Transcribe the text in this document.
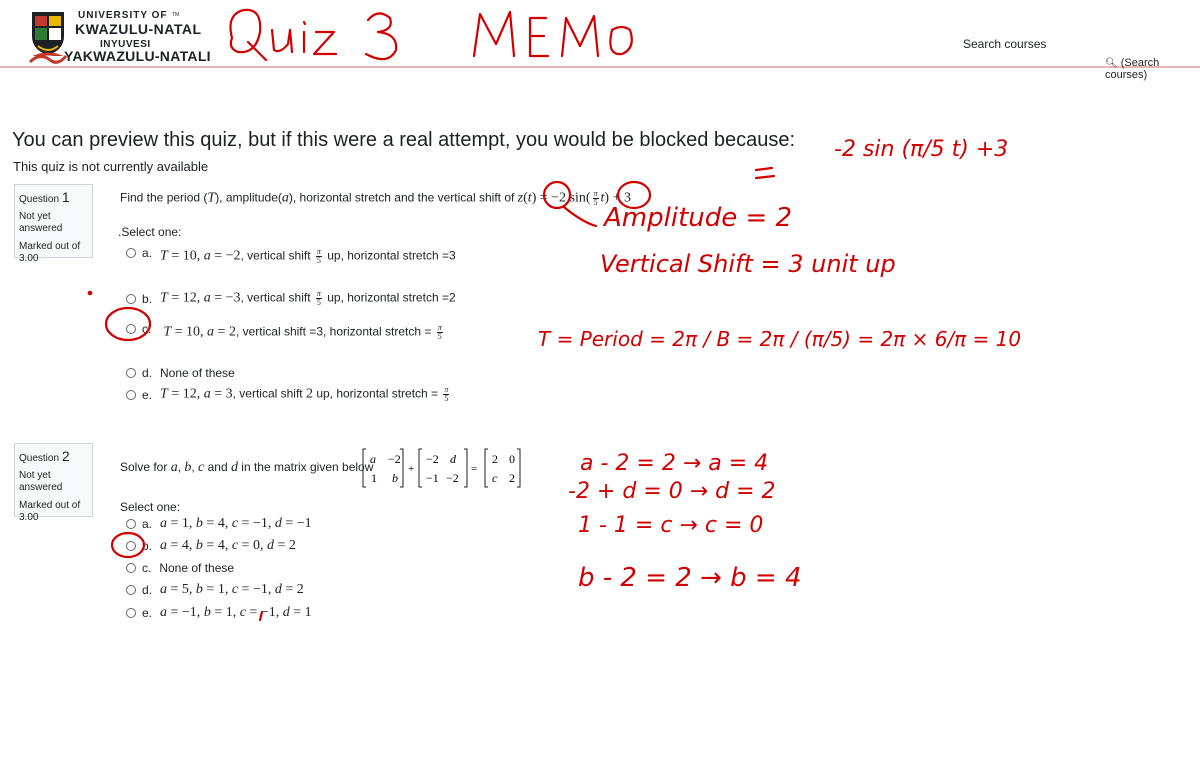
UNIVERSITY OF TM
KWAZULU-NATAL
INYUVESI
YAKWAZULU-NATALI
Search courses
🔍︎ (Search courses)
You can preview this quiz, but if this were a real attempt, you would be blocked because:
This quiz is not currently available
Question 1
Not yet answered
Marked out of
3.00
Find the period (T), amplitude(a), horizontal stretch and the vertical shift of z(t) = −2 $\sin( \frac{\pi}{5} t) + 3$
.Select one:
a. T = 10, a = −2, vertical shift $\frac{\pi}{5}$ up, horizontal stretch =3
b. T = 12, a = −3, vertical shift $\frac{\pi}{5}$ up, horizontal stretch =2
c. T = 10, a = 2, vertical shift =3, horizontal stretch = $\frac{\pi}{5}$
d. None of these
e. T = 12, a = 3, vertical shift 2 up, horizontal stretch = $\frac{\pi}{5}$
Question 2
Not yet answered
Marked out of
3.00
Solve for a, b, c and d in the matrix given below
a −2
1 b
+
−2 d
−1 −2
=
2 0
c 2
Select one:
a. a = 1, b = 4, c = −1, d = −1
b. a = 4, b = 4, c = 0, d = 2
c. None of these
d. a = 5, b = 1, c = −1, d = 2
e. a = −1, b = 1, c = −1, d = 1
-2 sin (π/5 t) +3
Amplitude = 2
Vertical Shift = 3 unit up
T = Period = 2π / B = 2π / (π/5) = 2π × 6/π = 10
a - 2 = 2 → a = 4
-2 + d = 0 → d = 2
1 - 1 = c → c = 0
b - 2 = 2 → b = 4
